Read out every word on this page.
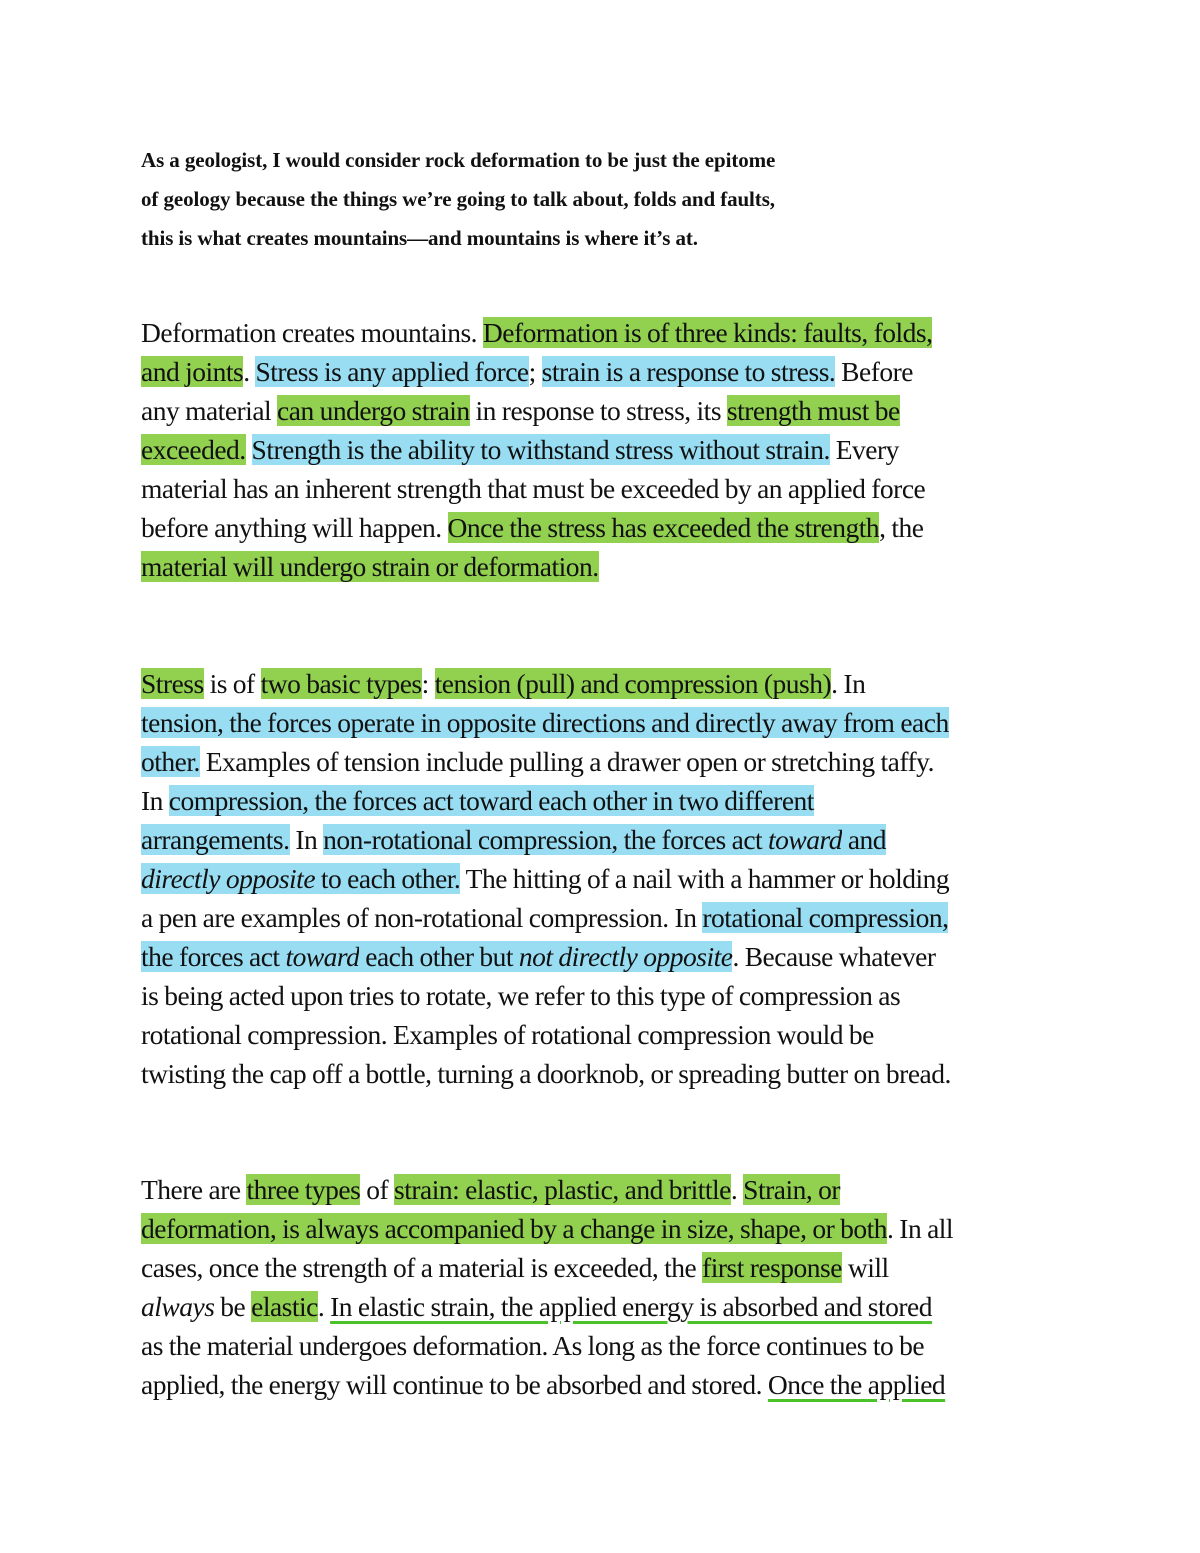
As a geologist, I would consider rock deformation to be just the epitome
of geology because the things we’re going to talk about, folds and faults,
this is what creates mountains—and mountains is where it’s at.
Deformation creates mountains. Deformation is of three kinds: faults, folds,
and joints. Stress is any applied force; strain is a response to stress. Before
any material can undergo strain in response to stress, its strength must be
exceeded. Strength is the ability to withstand stress without strain. Every
material has an inherent strength that must be exceeded by an applied force
before anything will happen. Once the stress has exceeded the strength, the
material will undergo strain or deformation.
Stress is of two basic types: tension (pull) and compression (push). In
tension, the forces operate in opposite directions and directly away from each
other. Examples of tension include pulling a drawer open or stretching taffy.
In compression, the forces act toward each other in two different
arrangements. In non-rotational compression, the forces act toward and
directly opposite to each other. The hitting of a nail with a hammer or holding
a pen are examples of non-rotational compression. In rotational compression,
the forces act toward each other but not directly opposite. Because whatever
is being acted upon tries to rotate, we refer to this type of compression as
rotational compression. Examples of rotational compression would be
twisting the cap off a bottle, turning a doorknob, or spreading butter on bread.
There are three types of strain: elastic, plastic, and brittle. Strain, or
deformation, is always accompanied by a change in size, shape, or both. In all
cases, once the strength of a material is exceeded, the first response will
always be elastic. In elastic strain, the applied energy is absorbed and stored
as the material undergoes deformation. As long as the force continues to be
applied, the energy will continue to be absorbed and stored. Once the applied
